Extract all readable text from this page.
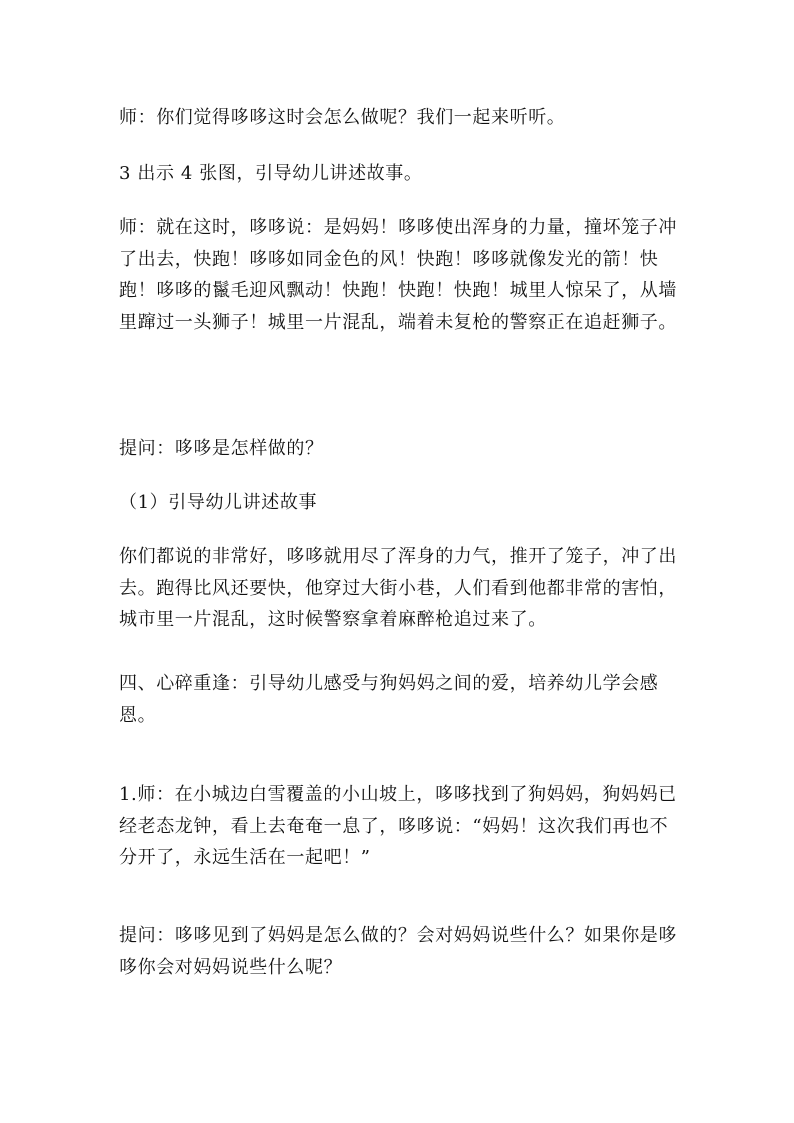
师：你们觉得哆哆这时会怎么做呢？我们一起来听听。

3 出示 4 张图，引导幼儿讲述故事。

师：就在这时，哆哆说：是妈妈！哆哆使出浑身的力量，撞坏笼子冲了出去，快跑！哆哆如同金色的风！快跑！哆哆就像发光的箭！快跑！哆哆的鬣毛迎风飘动！快跑！快跑！快跑！城里人惊呆了，从墙里蹿过一头狮子！城里一片混乱，端着未复枪的警察正在追赶狮子。

提问：哆哆是怎样做的？

（1）引导幼儿讲述故事

你们都说的非常好，哆哆就用尽了浑身的力气，推开了笼子，冲了出去。跑得比风还要快，他穿过大街小巷，人们看到他都非常的害怕，城市里一片混乱，这时候警察拿着麻醉枪追过来了。

四、心碎重逢：引导幼儿感受与狗妈妈之间的爱，培养幼儿学会感恩。

1.师：在小城边白雪覆盖的小山坡上，哆哆找到了狗妈妈，狗妈妈已经老态龙钟，看上去奄奄一息了，哆哆说：“妈妈！这次我们再也不分开了，永远生活在一起吧！”

提问：哆哆见到了妈妈是怎么做的？会对妈妈说些什么？如果你是哆哆你会对妈妈说些什么呢？
